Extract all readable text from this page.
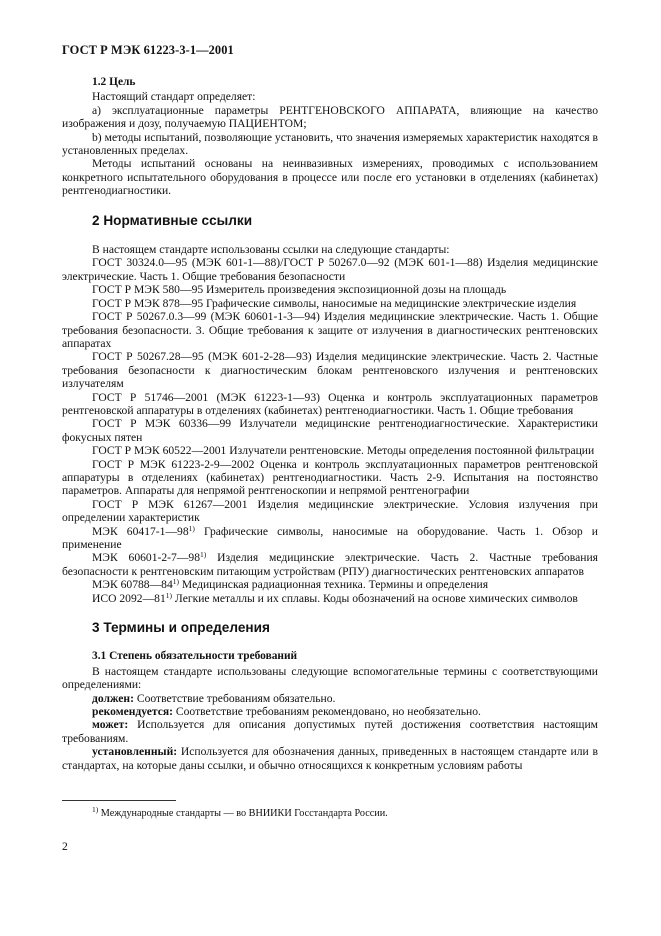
ГОСТ Р МЭК 61223-3-1—2001
1.2 Цель

Настоящий стандарт определяет:

а) эксплуатационные параметры РЕНТГЕНОВСКОГО АППАРАТА, влияющие на качество изображения и дозу, получаемую ПАЦИЕНТОМ;

b) методы испытаний, позволяющие установить, что значения измеряемых характеристик находятся в установленных пределах.

Методы испытаний основаны на неинвазивных измерениях, проводимых с использованием конкретного испытательного оборудования в процессе или после его установки в отделениях (кабинетах) рентгенодиагностики.

2 Нормативные ссылки

В настоящем стандарте использованы ссылки на следующие стандарты:

ГОСТ 30324.0—95 (МЭК 601-1—88)/ГОСТ Р 50267.0—92 (МЭК 601-1—88) Изделия медицинские электрические. Часть 1. Общие требования безопасности

ГОСТ Р МЭК 580—95 Измеритель произведения экспозиционной дозы на площадь

ГОСТ Р МЭК 878—95 Графические символы, наносимые на медицинские электрические изделия

ГОСТ Р 50267.0.3—99 (МЭК 60601-1-3—94) Изделия медицинские электрические. Часть 1. Общие требования безопасности. 3. Общие требования к защите от излучения в диагностических рентгеновских аппаратах

ГОСТ Р 50267.28—95 (МЭК 601-2-28—93) Изделия медицинские электрические. Часть 2. Частные требования безопасности к диагностическим блокам рентгеновского излучения и рентгеновских излучателям

ГОСТ Р 51746—2001 (МЭК 61223-1—93) Оценка и контроль эксплуатационных параметров рентгеновской аппаратуры в отделениях (кабинетах) рентгенодиагностики. Часть 1. Общие требования

ГОСТ Р МЭК 60336—99 Излучатели медицинские рентгенодиагностические. Характеристики фокусных пятен

ГОСТ Р МЭК 60522—2001 Излучатели рентгеновские. Методы определения постоянной фильтрации

ГОСТ Р МЭК 61223-2-9—2002 Оценка и контроль эксплуатационных параметров рентгеновской аппаратуры в отделениях (кабинетах) рентгенодиагностики. Часть 2-9. Испытания на постоянство параметров. Аппараты для непрямой рентгеноскопии и непрямой рентгенографии

ГОСТ Р МЭК 61267—2001 Изделия медицинские электрические. Условия излучения при определении характеристик

МЭК 60417-1—98$^{1)}$ Графические символы, наносимые на оборудование. Часть 1. Обзор и применение

МЭК 60601-2-7—98$^{1)}$ Изделия медицинские электрические. Часть 2. Частные требования безопасности к рентгеновским питающим устройствам (РПУ) диагностических рентгеновских аппаратов

МЭК 60788—84$^{1)}$ Медицинская радиационная техника. Термины и определения

ИСО 2092—81$^{1)}$ Легкие металлы и их сплавы. Коды обозначений на основе химических символов

3 Термины и определения
3.1 Степень обязательности требований

В настоящем стандарте использованы следующие вспомогательные термины с соответствующими определениями:

должен: Соответствие требованиям обязательно.

рекомендуется: Соответствие требованиям рекомендовано, но необязательно.

может: Используется для описания допустимых путей достижения соответствия настоящим требованиям.

установленный: Используется для обозначения данных, приведенных в настоящем стандарте или в стандартах, на которые даны ссылки, и обычно относящихся к конкретным условиям работы

$^{1)}$ Международные стандарты — во ВНИИКИ Госстандарта России.
2
